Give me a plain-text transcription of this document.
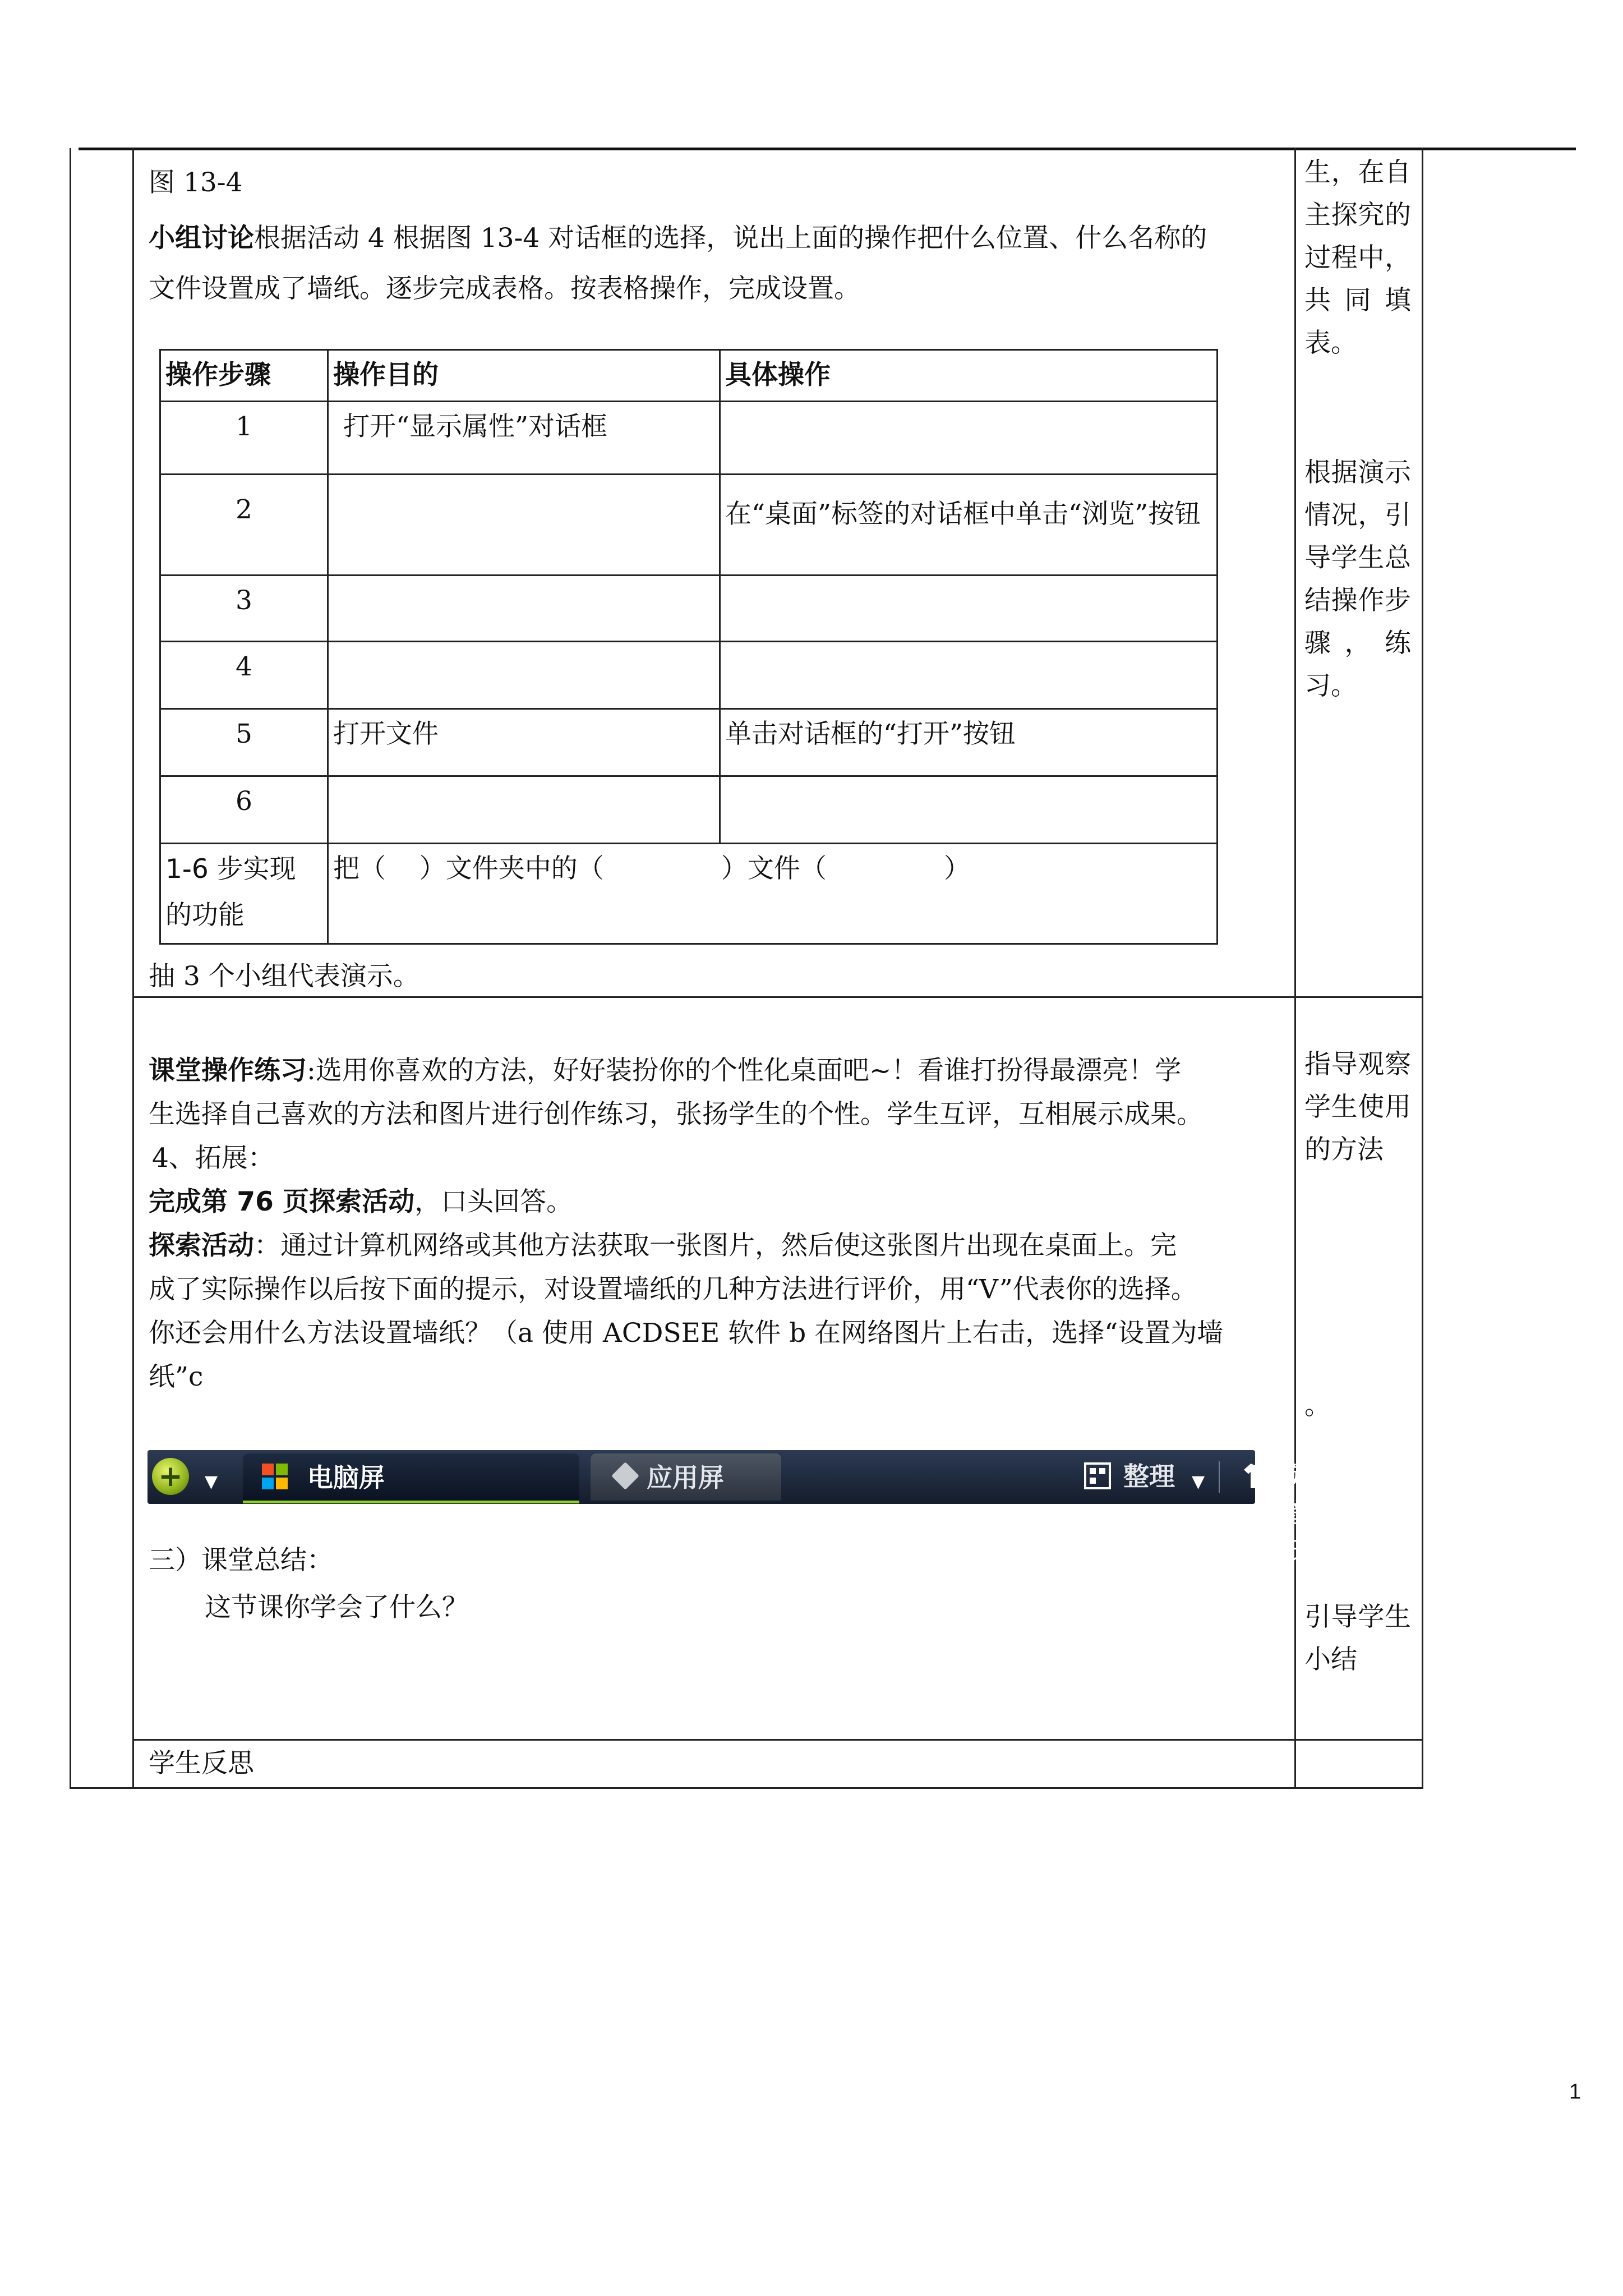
图 13-4

小组讨论根据活动 4 根据图 13-4 对话框的选择，说出上面的操作把什么位置、什么名称的

文件设置成了墙纸。逐步完成表格。按表格操作，完成设置。

操作步骤	操作目的	具体操作
1	打开“显示属性”对话框	
2		在“桌面”标签的对话框中单击“浏览”按钮
3		
4		
5	打开文件	单击对话框的“打开”按钮
6		
1-6 步实现
的功能	把（    ）文件夹中的（              ）文件（              ）	

抽 3 个小组代表演示。

课堂操作练习:选用你喜欢的方法，好好装扮你的个性化桌面吧~！看谁打扮得最漂亮！学

生选择自己喜欢的方法和图片进行创作练习，张扬学生的个性。学生互评，互相展示成果。

4、拓展：

完成第 76 页探索活动，口头回答。

探索活动：通过计算机网络或其他方法获取一张图片，然后使这张图片出现在桌面上。完

成了实际操作以后按下面的提示，对设置墙纸的几种方法进行评价，用“V”代表你的选择。

你还会用什么方法设置墙纸？（a 使用 ACDSEE 软件 b 在网络图片上右击，选择“设置为墙

纸”c

+	▼	电脑屏	应用屏	整理 ▼	换壁纸

三）课堂总结：

这节课你学会了什么？

学生反思

生，在自主探究的过程中，共同填表。
根据演示情况，引导学生总结操作步骤，练习。
指导观察学生使用的方法
。
引导学生小结
1
